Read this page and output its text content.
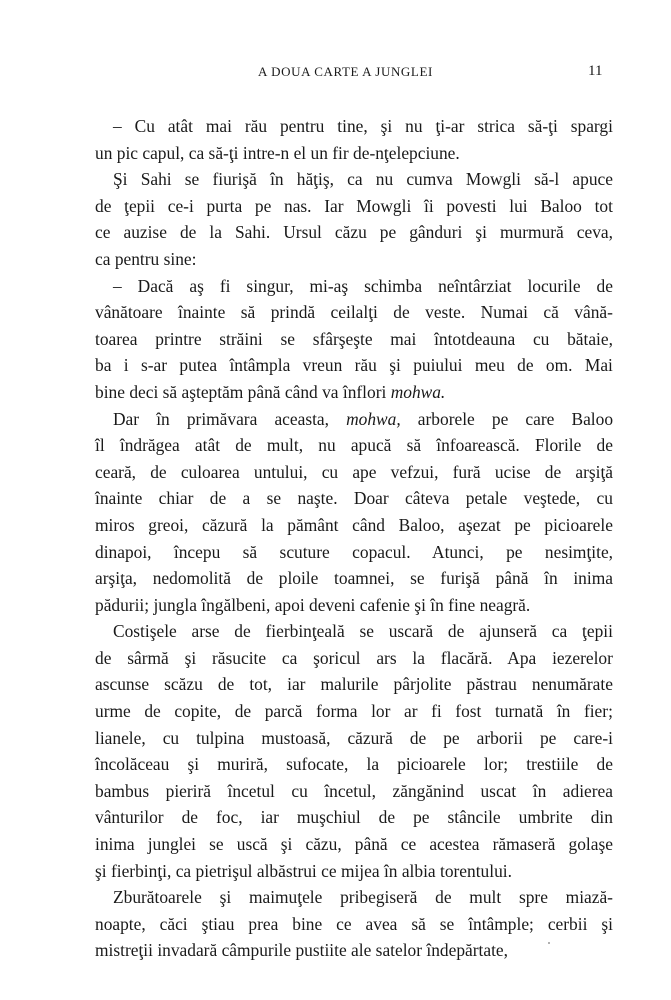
A DOUA CARTE A JUNGLEI	11
– Cu atât mai rău pentru tine, şi nu ţi-ar strica să-ţi spargi
un pic capul, ca să-ţi intre-n el un fir de-nţelepciune.
Şi Sahi se fiurişă în hăţiş, ca nu cumva Mowgli să-l apuce
de ţepii ce-i purta pe nas. Iar Mowgli îi povesti lui Baloo tot
ce auzise de la Sahi. Ursul căzu pe gânduri şi murmură ceva,
ca pentru sine:
– Dacă aş fi singur, mi-aş schimba neîntârziat locurile de
vânătoare înainte să prindă ceilalţi de veste. Numai că vână-
toarea printre străini se sfârşeşte mai întotdeauna cu bătaie,
ba i s-ar putea întâmpla vreun rău şi puiului meu de om. Mai
bine deci să aşteptăm până când va înflori mohwa.
Dar în primăvara aceasta, mohwa, arborele pe care Baloo
îl îndrăgea atât de mult, nu apucă să înfoarească. Florile de
ceară, de culoarea untului, cu ape vefzui, fură ucise de arşiţă
înainte chiar de a se naşte. Doar câteva petale veştede, cu
miros greoi, căzură la pământ când Baloo, aşezat pe picioarele
dinapoi, începu să scuture copacul. Atunci, pe nesimţite,
arşiţa, nedomolită de ploile toamnei, se furişă până în inima
pădurii; jungla îngălbeni, apoi deveni cafenie şi în fine neagră.
Costişele arse de fierbinţeală se uscară de ajunseră ca ţepii
de sârmă şi răsucite ca şoricul ars la flacără. Apa iezerelor
ascunse scăzu de tot, iar malurile pârjolite păstrau nenumărate
urme de copite, de parcă forma lor ar fi fost turnată în fier;
lianele, cu tulpina mustoasă, căzură de pe arborii pe care-i
încolăceau şi muriră, sufocate, la picioarele lor; trestiile de
bambus pieriră încetul cu încetul, zăngănind uscat în adierea
vânturilor de foc, iar muşchiul de pe stâncile umbrite din
inima junglei se uscă şi căzu, până ce acestea rămaseră golaşe
şi fierbinţi, ca pietrişul albăstrui ce mijea în albia torentului.
Zburătoarele şi maimuţele pribegiseră de mult spre miază-
noapte, căci ştiau prea bine ce avea să se întâmple; cerbii şi
mistreţii invadară câmpurile pustiite ale satelor îndepărtate,
